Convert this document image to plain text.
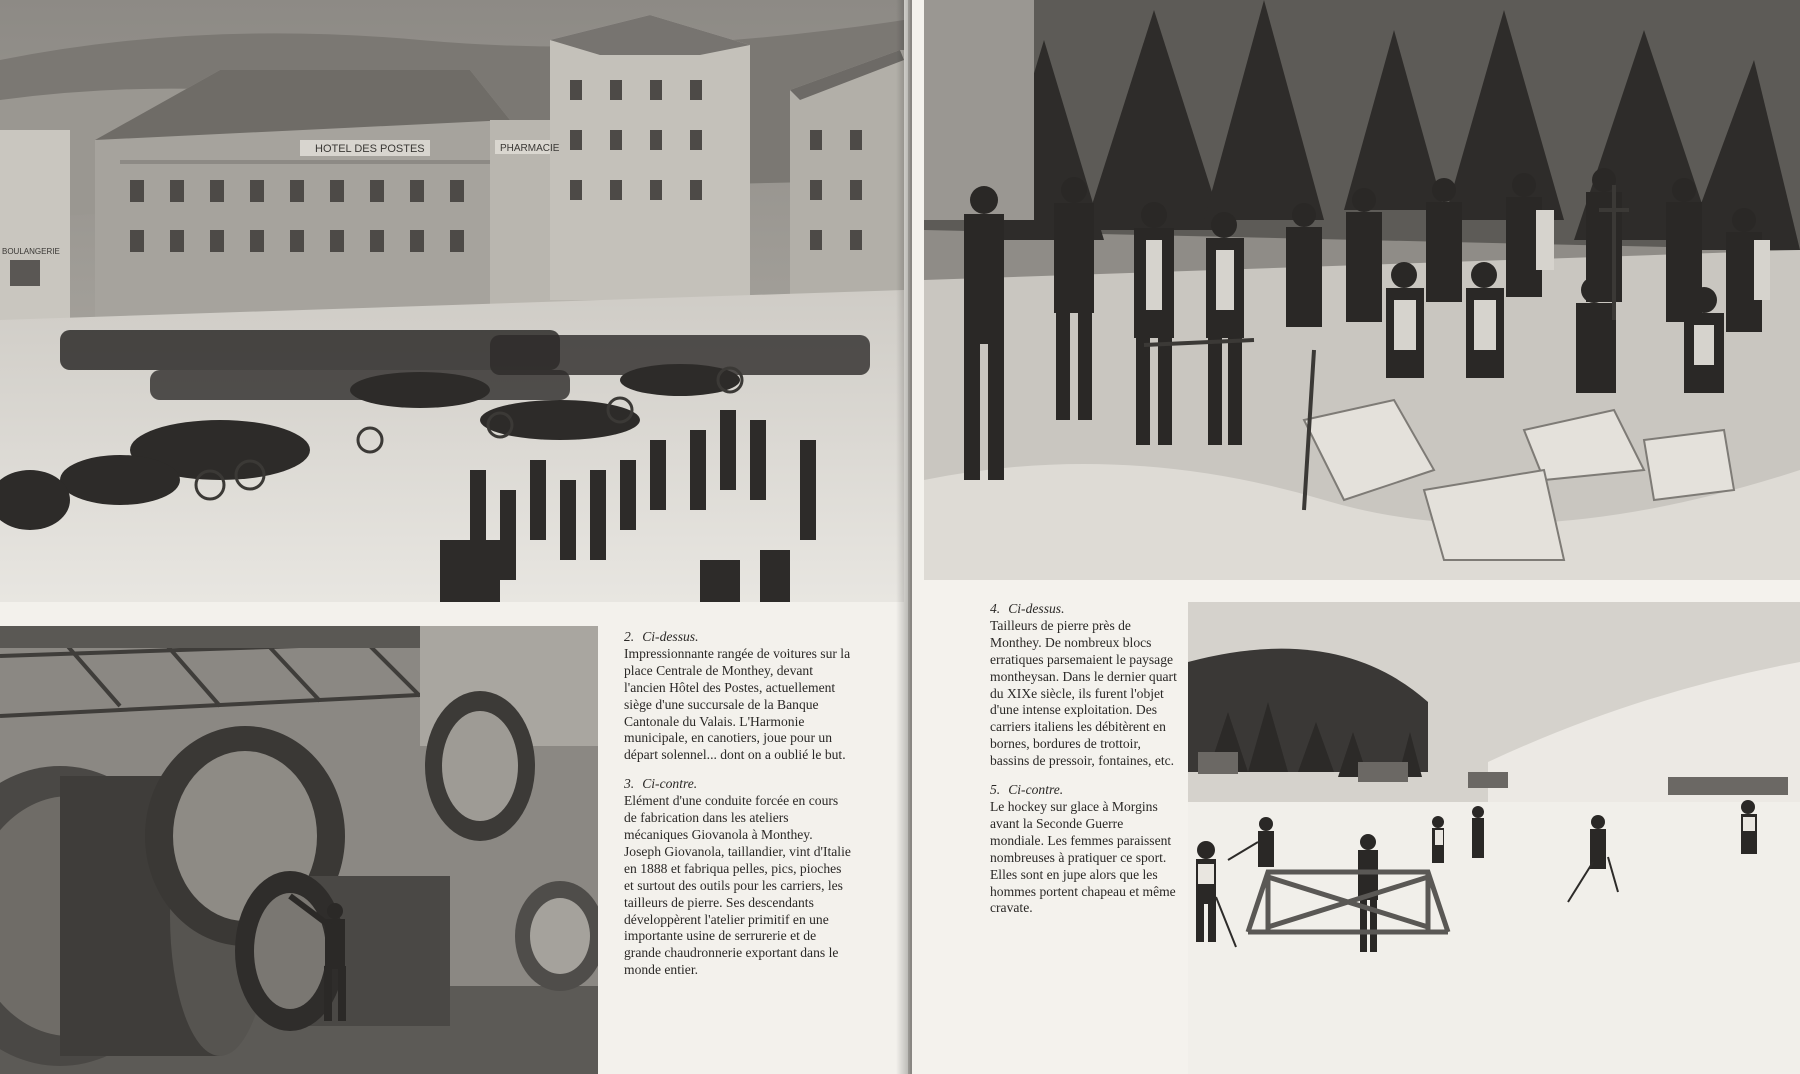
HOTEL DES POSTES	PHARMACIE
BOULANGERIE
2. Ci-dessus.
Impressionnante rangée de voitures sur la place Centrale de Monthey, devant l'ancien Hôtel des Postes, actuellement siège d'une succursale de la Banque Cantonale du Valais. L'Harmonie municipale, en canotiers, joue pour un départ solennel... dont on a oublié le but.
3. Ci-contre.
Elément d'une conduite forcée en cours de fabrication dans les ateliers mécaniques Giovanola à Monthey. Joseph Giovanola, taillandier, vint d'Italie en 1888 et fabriqua pelles, pics, pioches et surtout des outils pour les carriers, les tailleurs de pierre. Ses descendants développèrent l'atelier primitif en une importante usine de serrurerie et de grande chaudronnerie exportant dans le monde entier.
4. Ci-dessus.
Tailleurs de pierre près de Monthey. De nombreux blocs erratiques parsemaient le paysage montheysan. Dans le dernier quart du XIXe siècle, ils furent l'objet d'une intense exploitation. Des carriers italiens les débitèrent en bornes, bordures de trottoir, bassins de pressoir, fontaines, etc.
5. Ci-contre.
Le hockey sur glace à Morgins avant la Seconde Guerre mondiale. Les femmes paraissent nombreuses à pratiquer ce sport. Elles sont en jupe alors que les hommes portent chapeau et même cravate.
